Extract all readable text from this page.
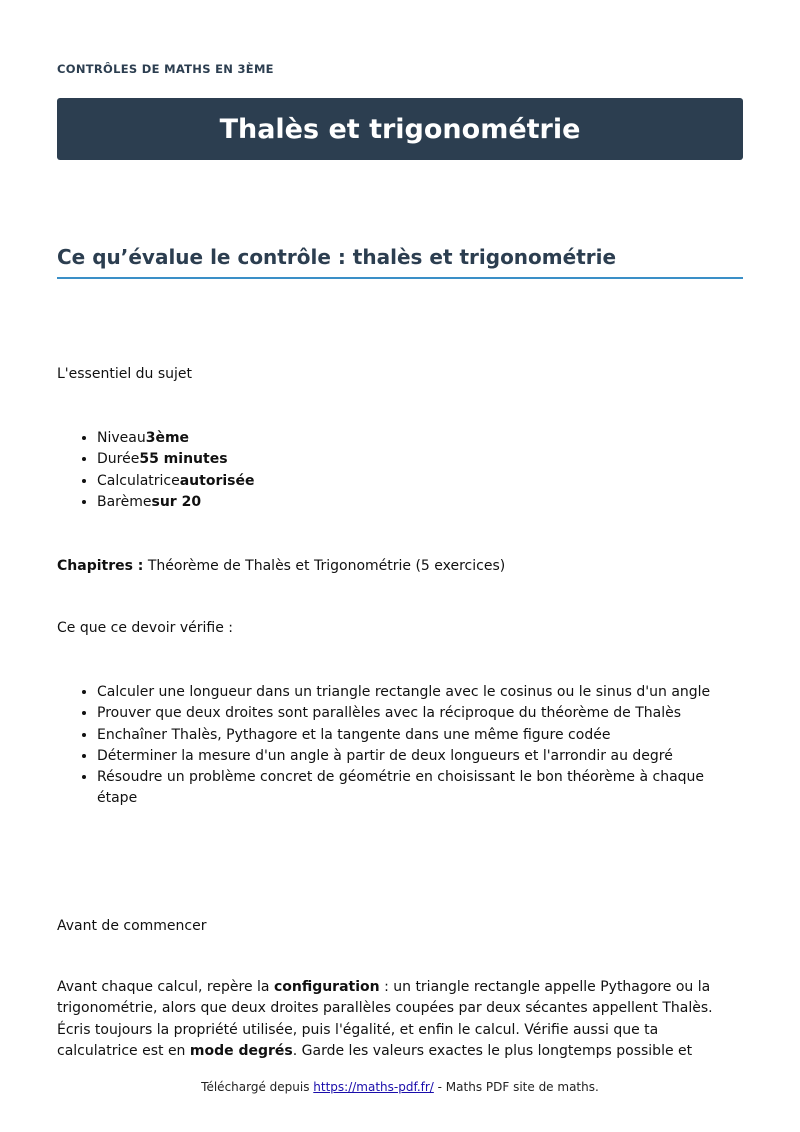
CONTRÔLES DE MATHS EN 3ÈME
Thalès et trigonométrie
Ce qu’évalue le contrôle : thalès et trigonométrie

L'essentiel du sujet

• Niveau3ème
• Durée55 minutes
• Calculatriceautorisée
• Barèmesur 20

Chapitres : Théorème de Thalès et Trigonométrie (5 exercices)

Ce que ce devoir vérifie :

• Calculer une longueur dans un triangle rectangle avec le cosinus ou le sinus d'un angle
• Prouver que deux droites sont parallèles avec la réciproque du théorème de Thalès
• Enchaîner Thalès, Pythagore et la tangente dans une même figure codée
• Déterminer la mesure d'un angle à partir de deux longueurs et l'arrondir au degré
• Résoudre un problème concret de géométrie en choisissant le bon théorème à chaque étape

Avant de commencer

Avant chaque calcul, repère la configuration : un triangle rectangle appelle Pythagore ou la trigonométrie, alors que deux droites parallèles coupées par deux sécantes appellent Thalès. Écris toujours la propriété utilisée, puis l'égalité, et enfin le calcul. Vérifie aussi que ta calculatrice est en mode degrés. Garde les valeurs exactes le plus longtemps possible et

Téléchargé depuis https://maths-pdf.fr/ - Maths PDF site de maths.
